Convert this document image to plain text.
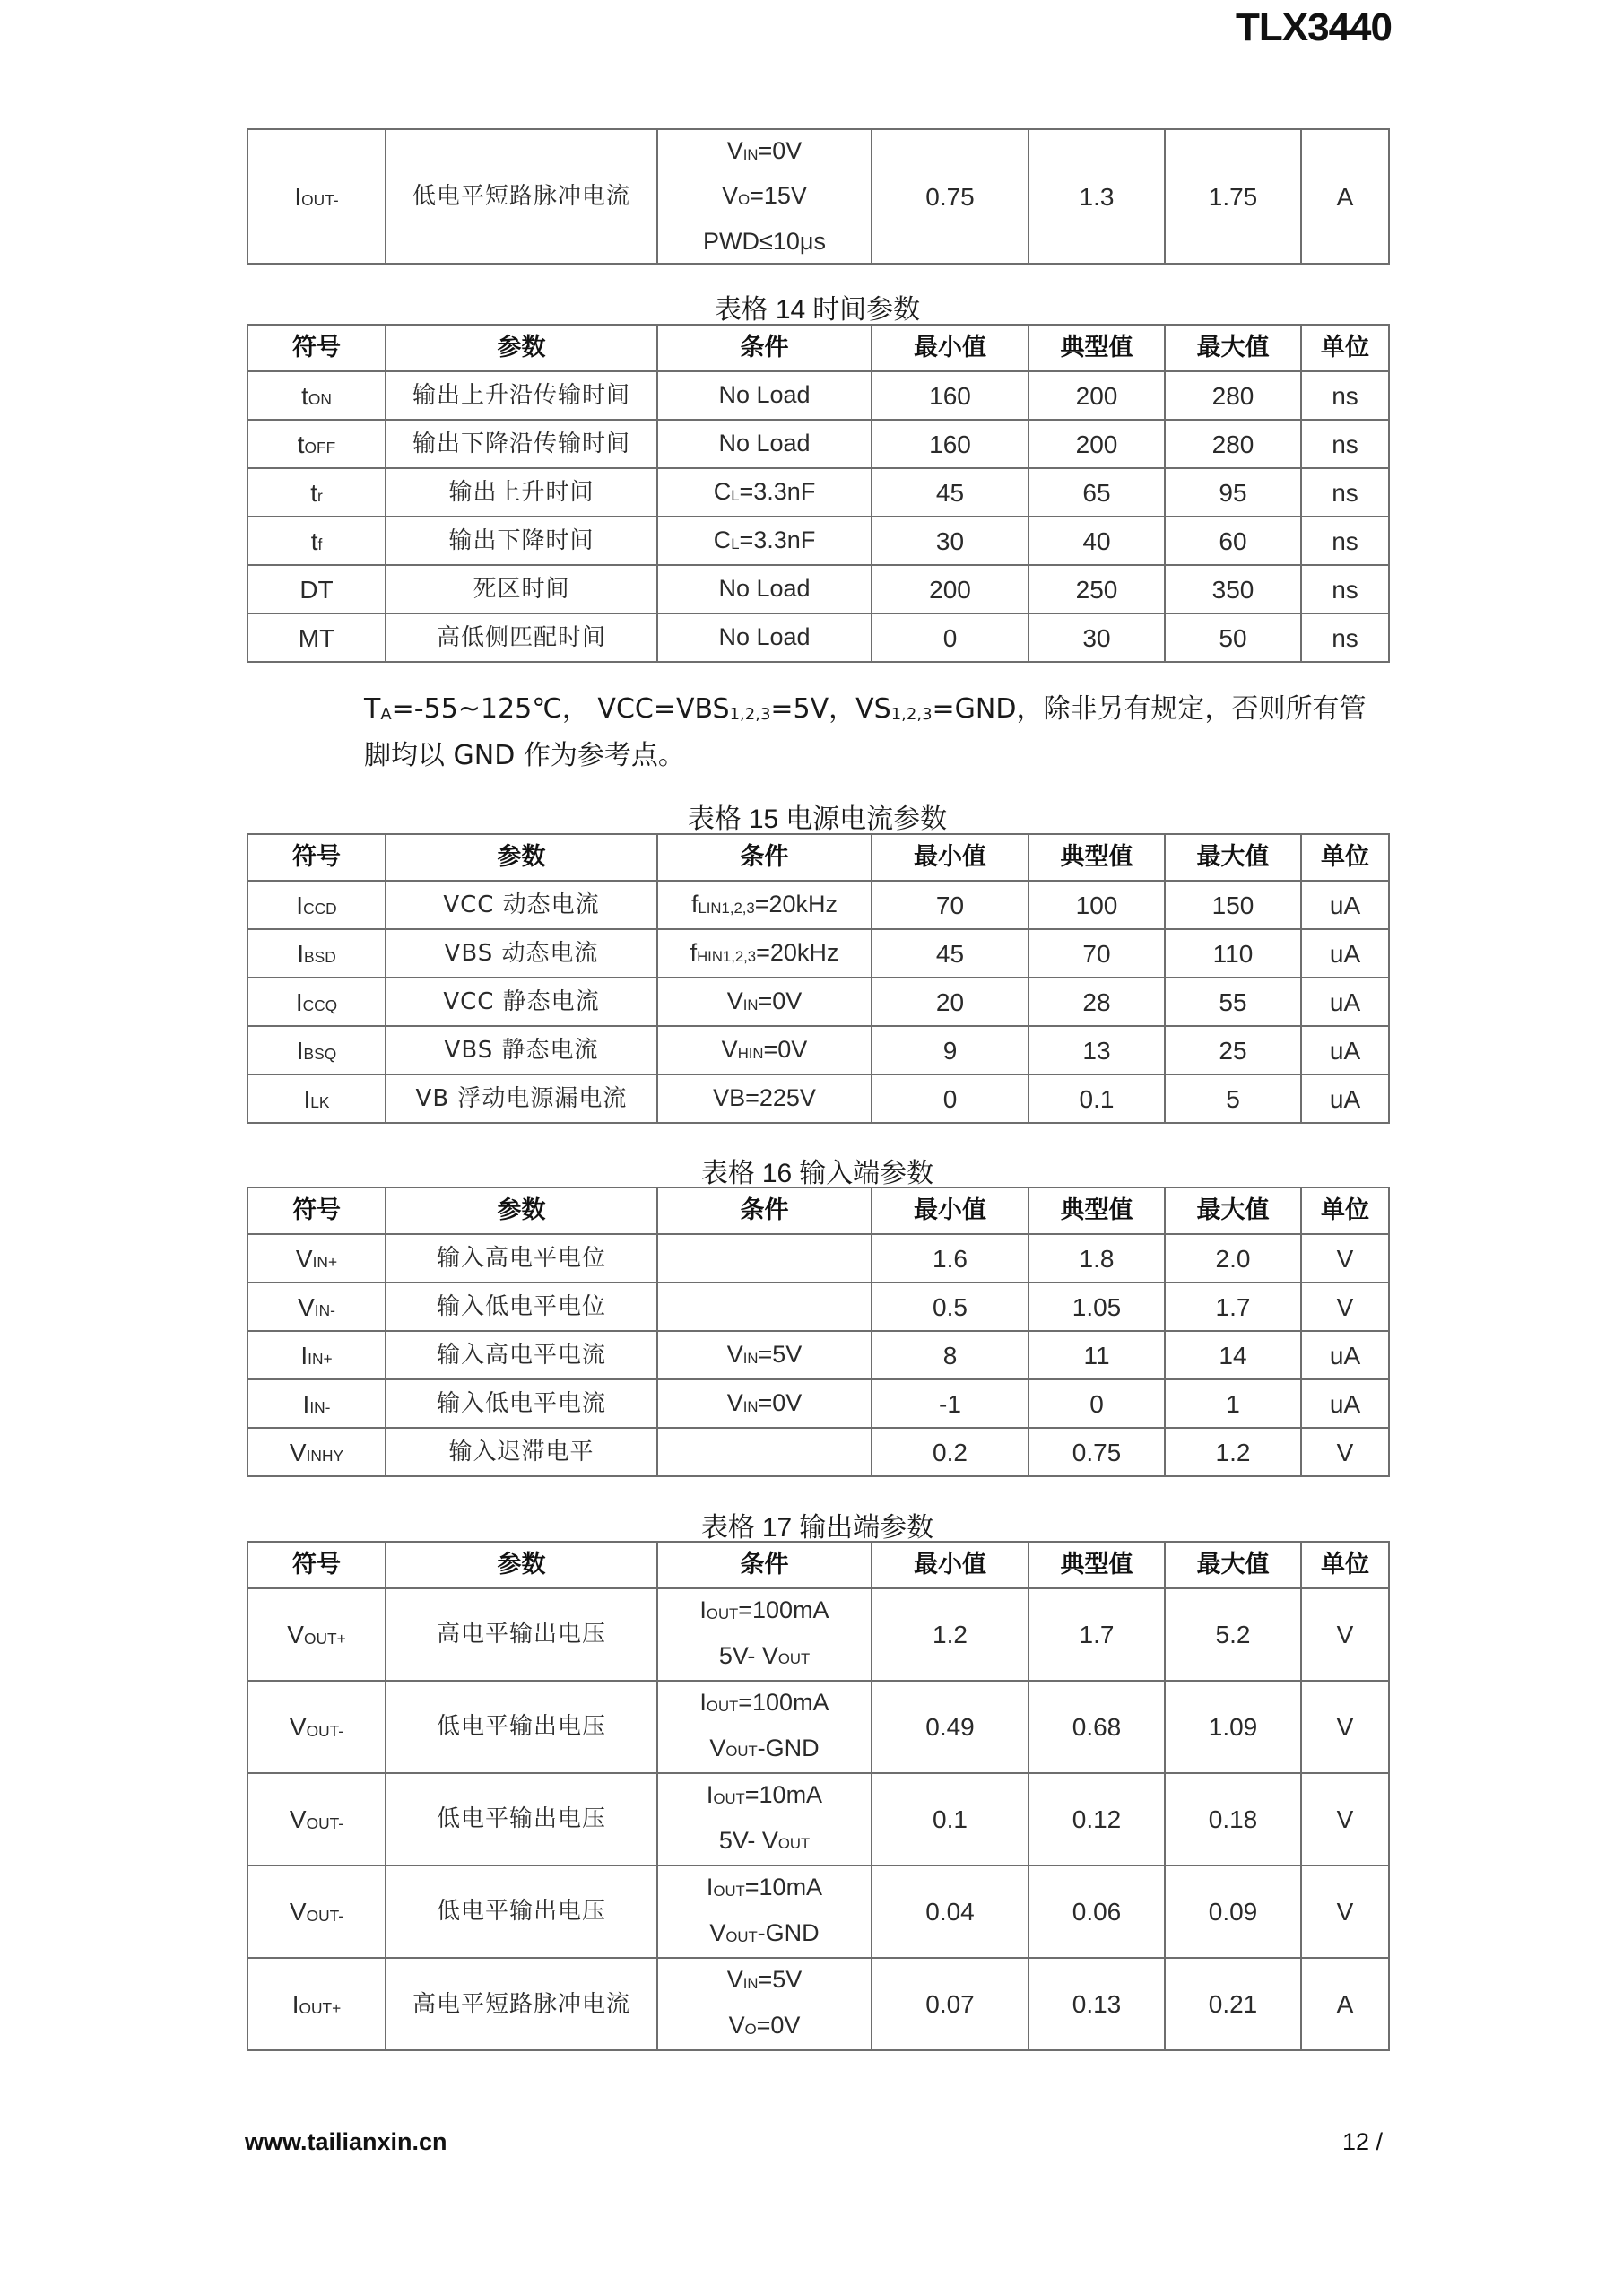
TLX3440
$I_{OUT-}$	低电平短路脉冲电流	
$V_{IN}=0V$
$V_O=15V$
PWD≤10μs
	0.75	1.3	1.75	A
表格 14 时间参数
符号	参数	条件	最小值	典型值	最大值	单位
$t_{ON}$	输出上升沿传输时间	No Load	160	200	280	ns
$t_{OFF}$	输出下降沿传输时间	No Load	160	200	280	ns
$t_r$	输出上升时间	$C_L=3.3nF$	45	65	95	ns
$t_f$	输出下降时间	$C_L=3.3nF$	30	40	60	ns
DT	死区时间	No Load	200	250	350	ns
MT	高低侧匹配时间	No Load	0	30	50	ns
$T_A=-55\sim 125℃$， $VCC=VBS_{1,2,3}=5V$，$VS_{1,2,3}=GND$，除非另有规定，否则所有管
脚均以 GND 作为参考点。
表格 15 电源电流参数
符号	参数	条件	最小值	典型值	最大值	单位
$I_{CCD}$	VCC 动态电流	$f_{LIN1,2,3}=20kHz$	70	100	150	uA
$I_{BSD}$	VBS 动态电流	$f_{HIN1,2,3}=20kHz$	45	70	110	uA
$I_{CCQ}$	VCC 静态电流	$V_{IN}=0V$	20	28	55	uA
$I_{BSQ}$	VBS 静态电流	$V_{HIN}=0V$	9	13	25	uA
$I_{LK}$	VB 浮动电源漏电流	VB=225V	0	0.1	5	uA
表格 16 输入端参数
符号	参数	条件	最小值	典型值	最大值	单位
$V_{IN+}$	输入高电平电位		1.6	1.8	2.0	V
$V_{IN-}$	输入低电平电位		0.5	1.05	1.7	V
$I_{IN+}$	输入高电平电流	$V_{IN}=5V$	8	11	14	uA
$I_{IN-}$	输入低电平电流	$V_{IN}=0V$	-1	0	1	uA
$V_{INHY}$	输入迟滞电平		0.2	0.75	1.2	V
表格 17 输出端参数
符号	参数	条件	最小值	典型值	最大值	单位
$V_{OUT+}$	高电平输出电压	$I_{OUT}=100mA$
5V- $V_{OUT}$	1.2	1.7	5.2	V
$V_{OUT-}$	低电平输出电压	$I_{OUT}=100mA$
$V_{OUT}$-GND	0.49	0.68	1.09	V
$V_{OUT-}$	低电平输出电压	$I_{OUT}=10mA$
5V- $V_{OUT}$	0.1	0.12	0.18	V
$V_{OUT-}$	低电平输出电压	$I_{OUT}=10mA$
$V_{OUT}$-GND	0.04	0.06	0.09	V
$I_{OUT+}$	高电平短路脉冲电流	$V_{IN}=5V$
$V_O=0V$	0.07	0.13	0.21	A
www.tailianxin.cn	12 /
